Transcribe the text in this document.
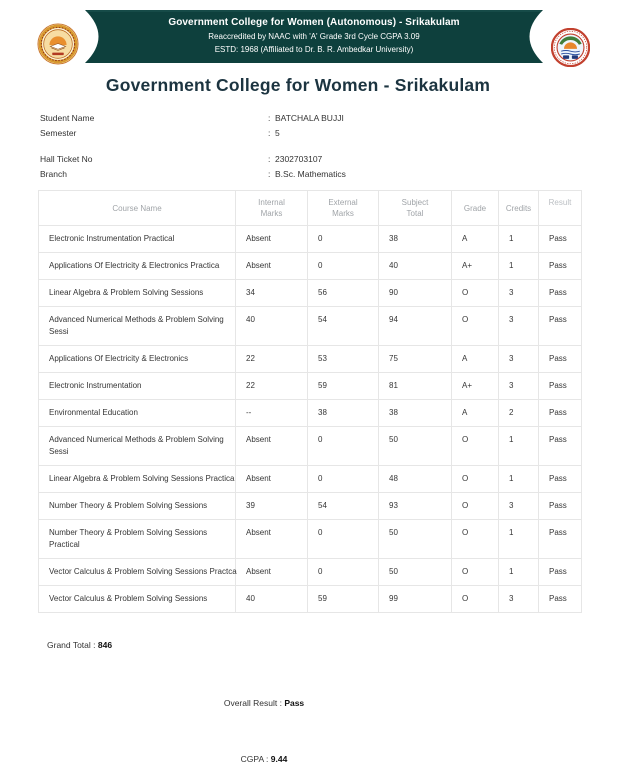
Government College for Women (Autonomous) - Srikakulam
Reaccredited by NAAC with 'A' Grade 3rd Cycle CGPA 3.09
ESTD: 1968 (Affiliated to Dr. B. R. Ambedkar University)
Government College for Women - Srikakulam
Student Name	: BATCHALA BUJJI
Semester	: 5
Hall Ticket No	: 2302703107
Branch	: B.Sc. Mathematics
Course Name	Internal Marks	External Marks	Subject Total	Grade	Credits	Result

Electronic Instrumentation Practical	Absent	0	38	A	1	Pass

Applications Of Electricity & Electronics Practica	Absent	0	40	A+	1	Pass

Linear Algebra & Problem Solving Sessions	34	56	90	O	3	Pass

Advanced Numerical Methods & Problem Solving
Sessi	40	54	94	O	3	Pass

Applications Of Electricity & Electronics	22	53	75	A	3	Pass

Electronic Instrumentation	22	59	81	A+	3	Pass

Environmental Education	--	38	38	A	2	Pass

Advanced Numerical Methods & Problem Solving
Sessi	Absent	0	50	O	1	Pass

Linear Algebra & Problem Solving Sessions Practica	Absent	0	48	O	1	Pass

Number Theory & Problem Solving Sessions	39	54	93	O	3	Pass

Number Theory & Problem Solving Sessions
Practical	Absent	0	50	O	1	Pass

Vector Calculus & Problem Solving Sessions Practca	Absent	0	50	O	1	Pass

Vector Calculus & Problem Solving Sessions	40	59	99	O	3	Pass
Grand Total : 846
Overall Result : Pass
CGPA : 9.44
